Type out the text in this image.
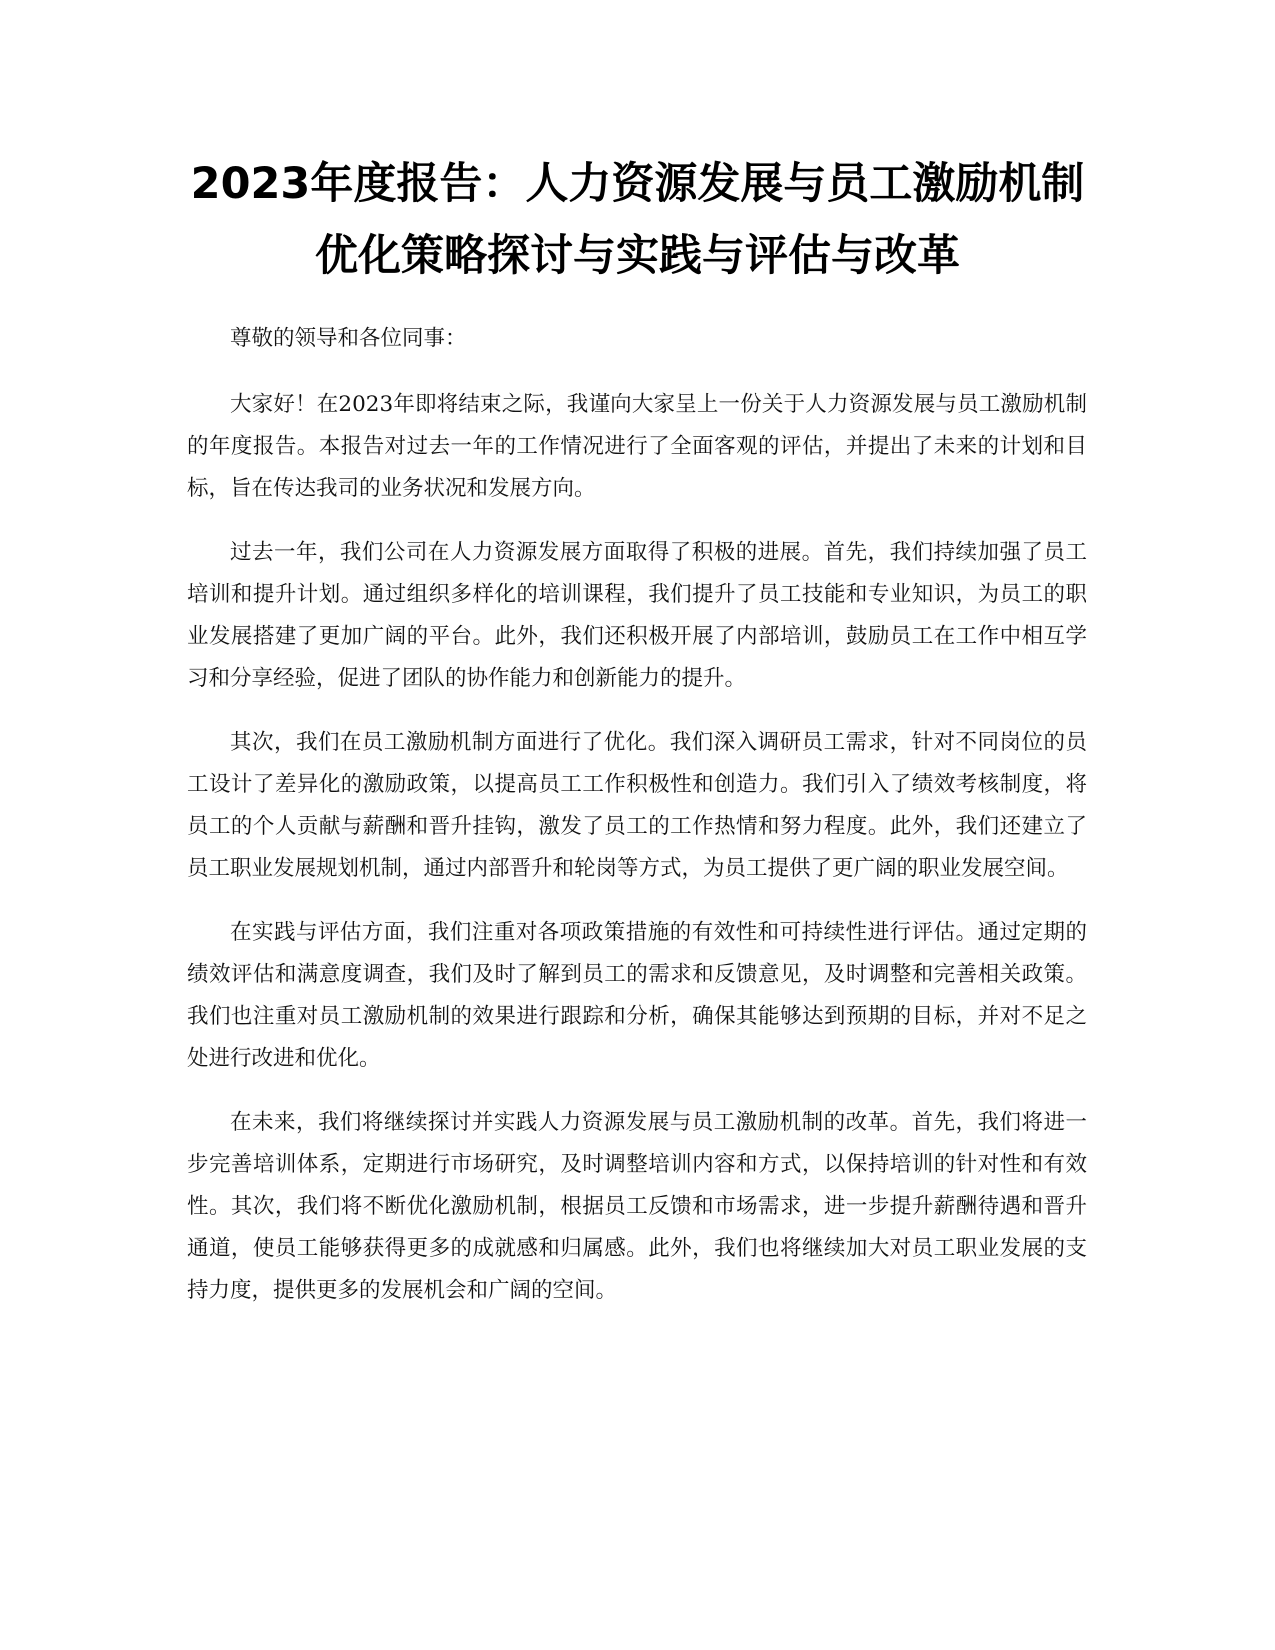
2023年度报告：人力资源发展与员工激励机制优化策略探讨与实践与评估与改革

尊敬的领导和各位同事：

大家好！在2023年即将结束之际，我谨向大家呈上一份关于人力资源发展与员工激励机制的年度报告。本报告对过去一年的工作情况进行了全面客观的评估，并提出了未来的计划和目标，旨在传达我司的业务状况和发展方向。

过去一年，我们公司在人力资源发展方面取得了积极的进展。首先，我们持续加强了员工培训和提升计划。通过组织多样化的培训课程，我们提升了员工技能和专业知识，为员工的职业发展搭建了更加广阔的平台。此外，我们还积极开展了内部培训，鼓励员工在工作中相互学习和分享经验，促进了团队的协作能力和创新能力的提升。

其次，我们在员工激励机制方面进行了优化。我们深入调研员工需求，针对不同岗位的员工设计了差异化的激励政策，以提高员工工作积极性和创造力。我们引入了绩效考核制度，将员工的个人贡献与薪酬和晋升挂钩，激发了员工的工作热情和努力程度。此外，我们还建立了员工职业发展规划机制，通过内部晋升和轮岗等方式，为员工提供了更广阔的职业发展空间。

在实践与评估方面，我们注重对各项政策措施的有效性和可持续性进行评估。通过定期的绩效评估和满意度调查，我们及时了解到员工的需求和反馈意见，及时调整和完善相关政策。我们也注重对员工激励机制的效果进行跟踪和分析，确保其能够达到预期的目标，并对不足之处进行改进和优化。

在未来，我们将继续探讨并实践人力资源发展与员工激励机制的改革。首先，我们将进一步完善培训体系，定期进行市场研究，及时调整培训内容和方式，以保持培训的针对性和有效性。其次，我们将不断优化激励机制，根据员工反馈和市场需求，进一步提升薪酬待遇和晋升通道，使员工能够获得更多的成就感和归属感。此外，我们也将继续加大对员工职业发展的支持力度，提供更多的发展机会和广阔的空间。
